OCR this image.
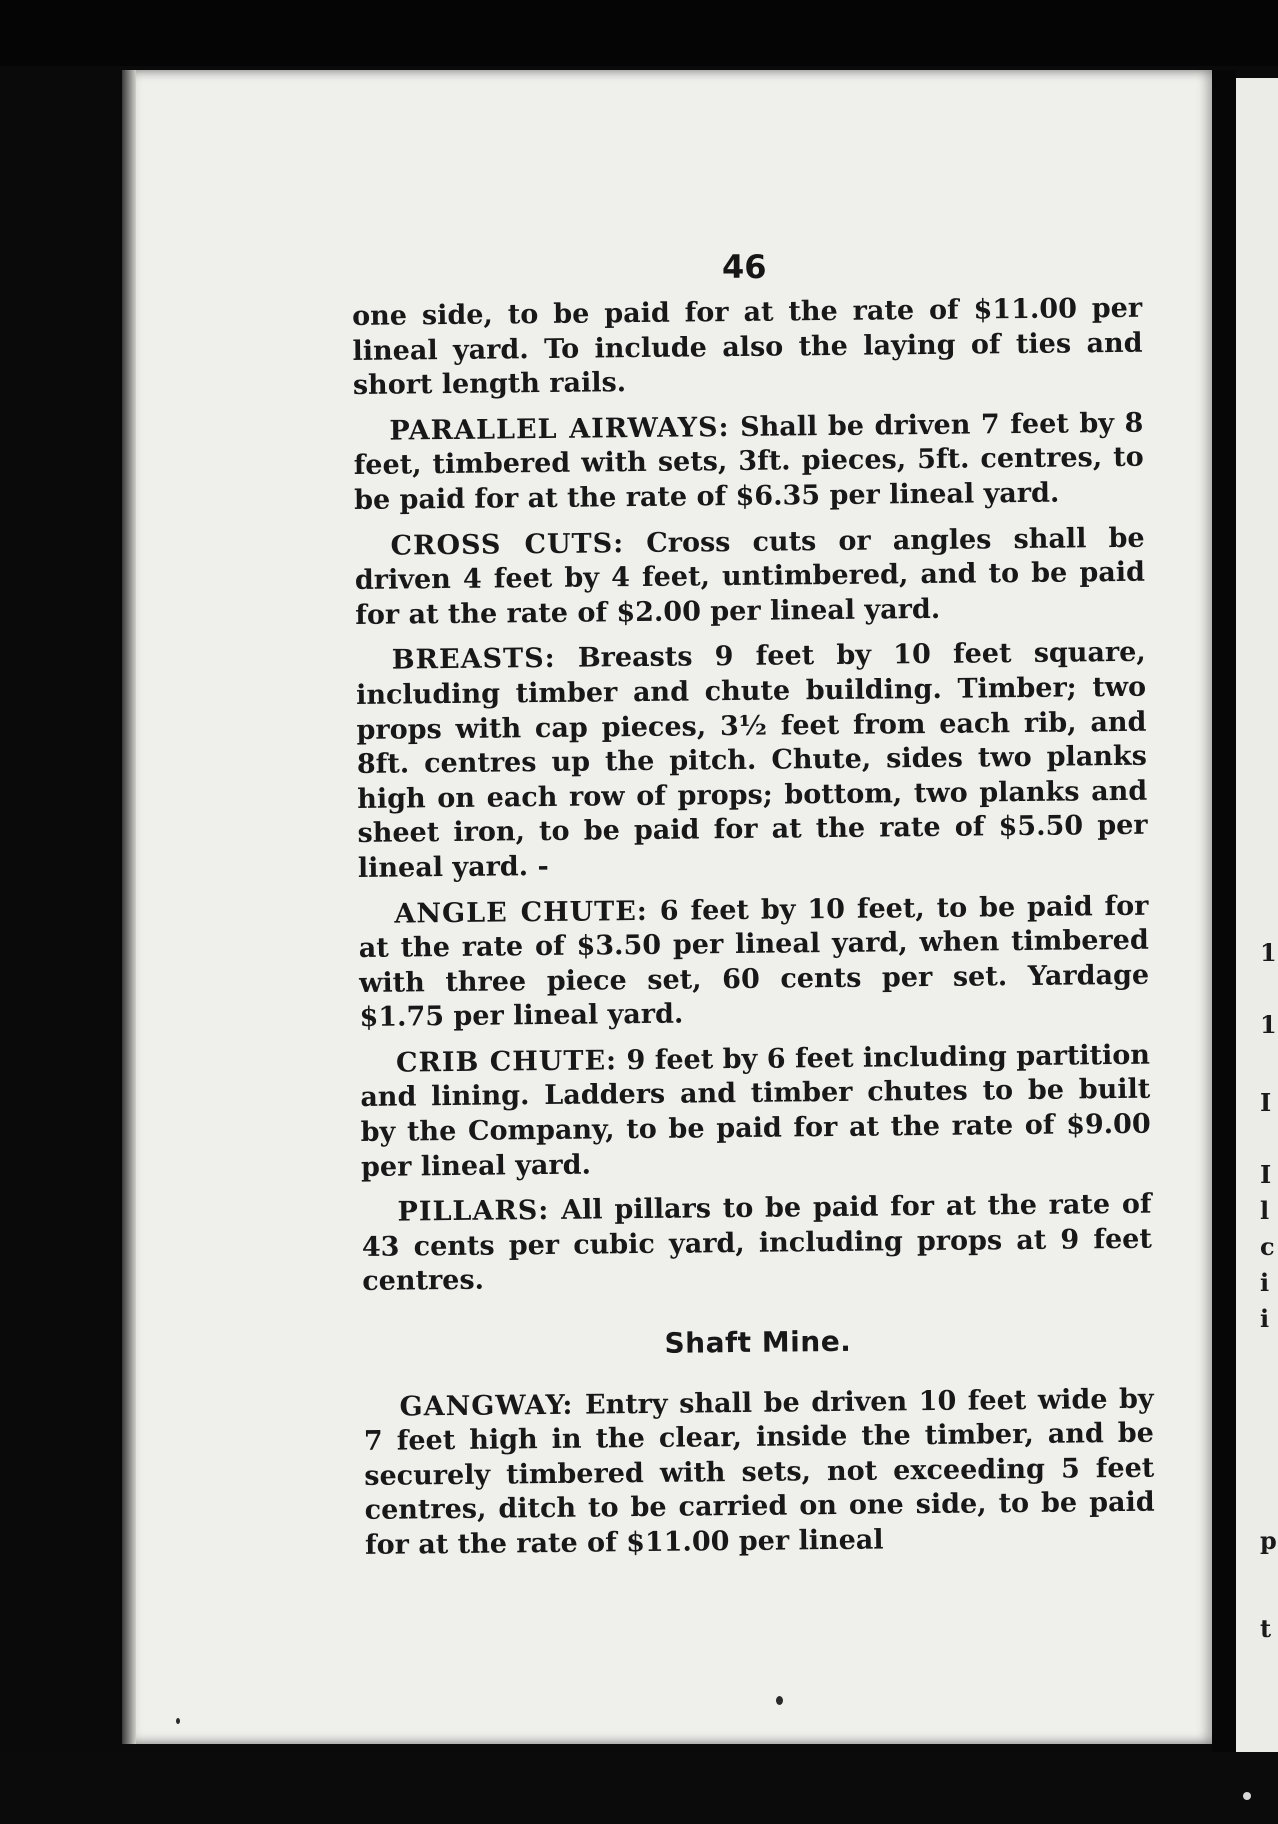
1
1
I
I
l
c
i
i
p
t
46

one side, to be paid for at the rate of $11.00 per lineal yard. To include also the laying of ties and short length rails.

PARALLEL AIRWAYS: Shall be driven 7 feet by 8 feet, timbered with sets, 3ft. pieces, 5ft. centres, to be paid for at the rate of $6.35 per lineal yard.

CROSS CUTS: Cross cuts or angles shall be driven 4 feet by 4 feet, untimbered, and to be paid for at the rate of $2.00 per lineal yard.

BREASTS: Breasts 9 feet by 10 feet square, including timber and chute building. Timber; two props with cap pieces, 3½ feet from each rib, and 8ft. centres up the pitch. Chute, sides two planks high on each row of props; bottom, two planks and sheet iron, to be paid for at the rate of $5.50 per lineal yard. -

ANGLE CHUTE: 6 feet by 10 feet, to be paid for at the rate of $3.50 per lineal yard, when timbered with three piece set, 60 cents per set. Yardage $1.75 per lineal yard.

CRIB CHUTE: 9 feet by 6 feet including partition and lining. Ladders and timber chutes to be built by the Company, to be paid for at the rate of $9.00 per lineal yard.

PILLARS: All pillars to be paid for at the rate of 43 cents per cubic yard, including props at 9 feet centres.

Shaft Mine.

GANGWAY: Entry shall be driven 10 feet wide by 7 feet high in the clear, inside the timber, and be securely timbered with sets, not exceeding 5 feet centres, ditch to be carried on one side, to be paid for at the rate of $11.00 per lineal
